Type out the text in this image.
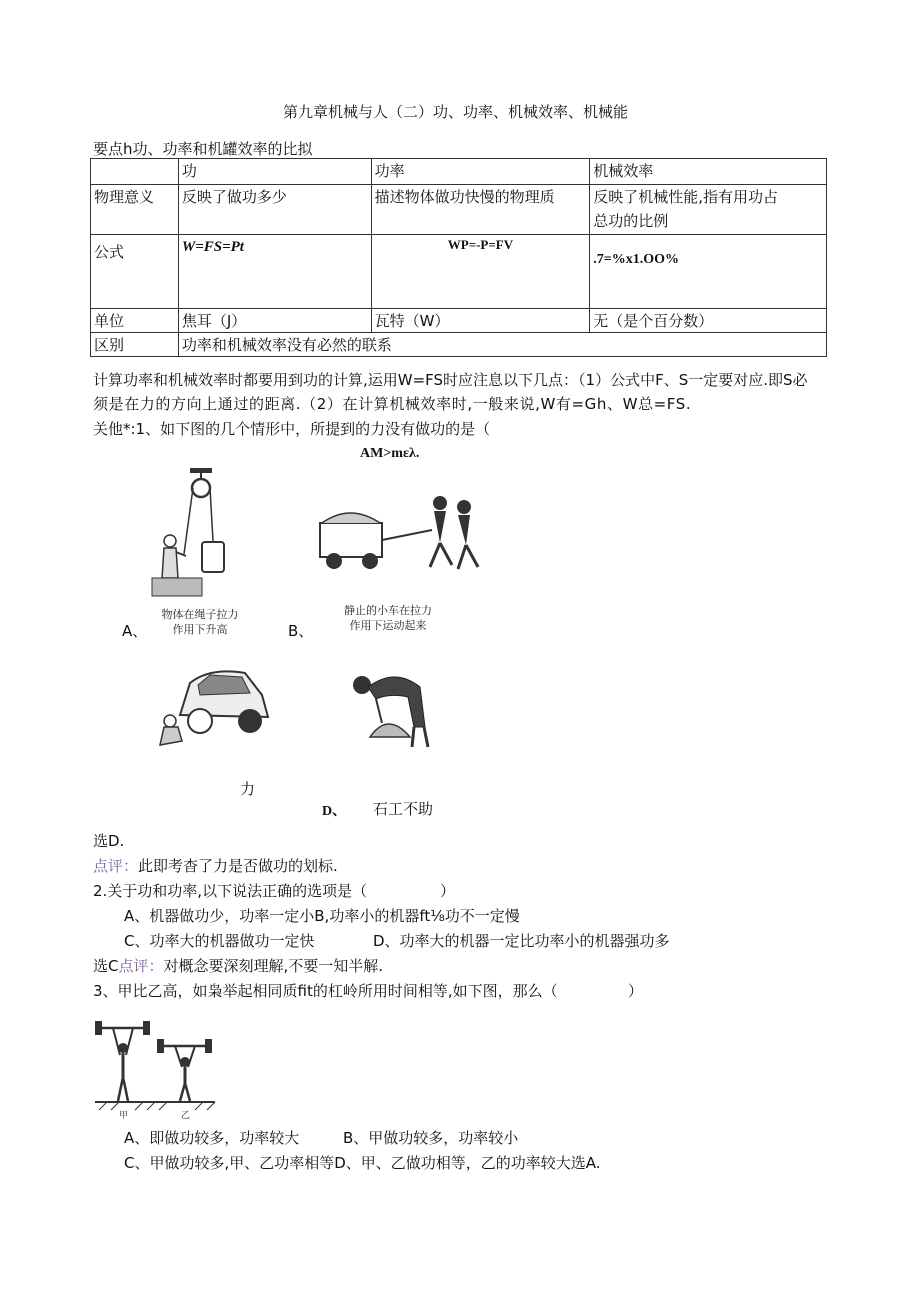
第九章机械与人（二）功、功率、机械效率、机械能
要点h功、功率和机罐效率的比拟
	功	功率	机械效率
物理意义	反映了做功多少	描述物体做功快慢的物理质	反映了机械性能,指有用功占
总功的比例

公式	W=FS=Pt	WP=-P=FV	.7=%x1.OO%
单位	焦耳（J）	瓦特（W）	无（是个百分数）
区别	功率和机械效率没有必然的联系		
计算功率和机械效率时都要用到功的计算,运用W=FS时应注息以下几点：（1）公式中F、S一定要对应.即S必
须是在力的方向上通过的距离.（2）在计算机械效率时,一般来说,W有=Gh、W总=FS.
关他*:1、如下图的几个情形中，所提到的力没有做功的是（
AM>mελ.
A、
物体在绳子拉力
作用下升高	B、
静止的小车在拉力
作用下运动起来
力
D、 石工不助
选D.
点评：此即考杳了力是否做功的划标.
2.关于功和功率,以下说法正确的选项是（	）
A、机器做功少，功率一定小B,功率小的机器ft⅛功不一定慢
C、功率大的机器做功一定快	D、功率大的机器一定比功率小的机器强功多
选C点评：对概念要深刻理解,不要一知半解.
3、甲比乙高，如枭举起相同质fit的杠岭所用时间相等,如下图，那么（	）
甲	乙
A、即做功较多，功率较大	B、甲做功较多，功率较小
C、甲做功较多,甲、乙功率相等D、甲、乙做功相等，乙的功率较大选A.
